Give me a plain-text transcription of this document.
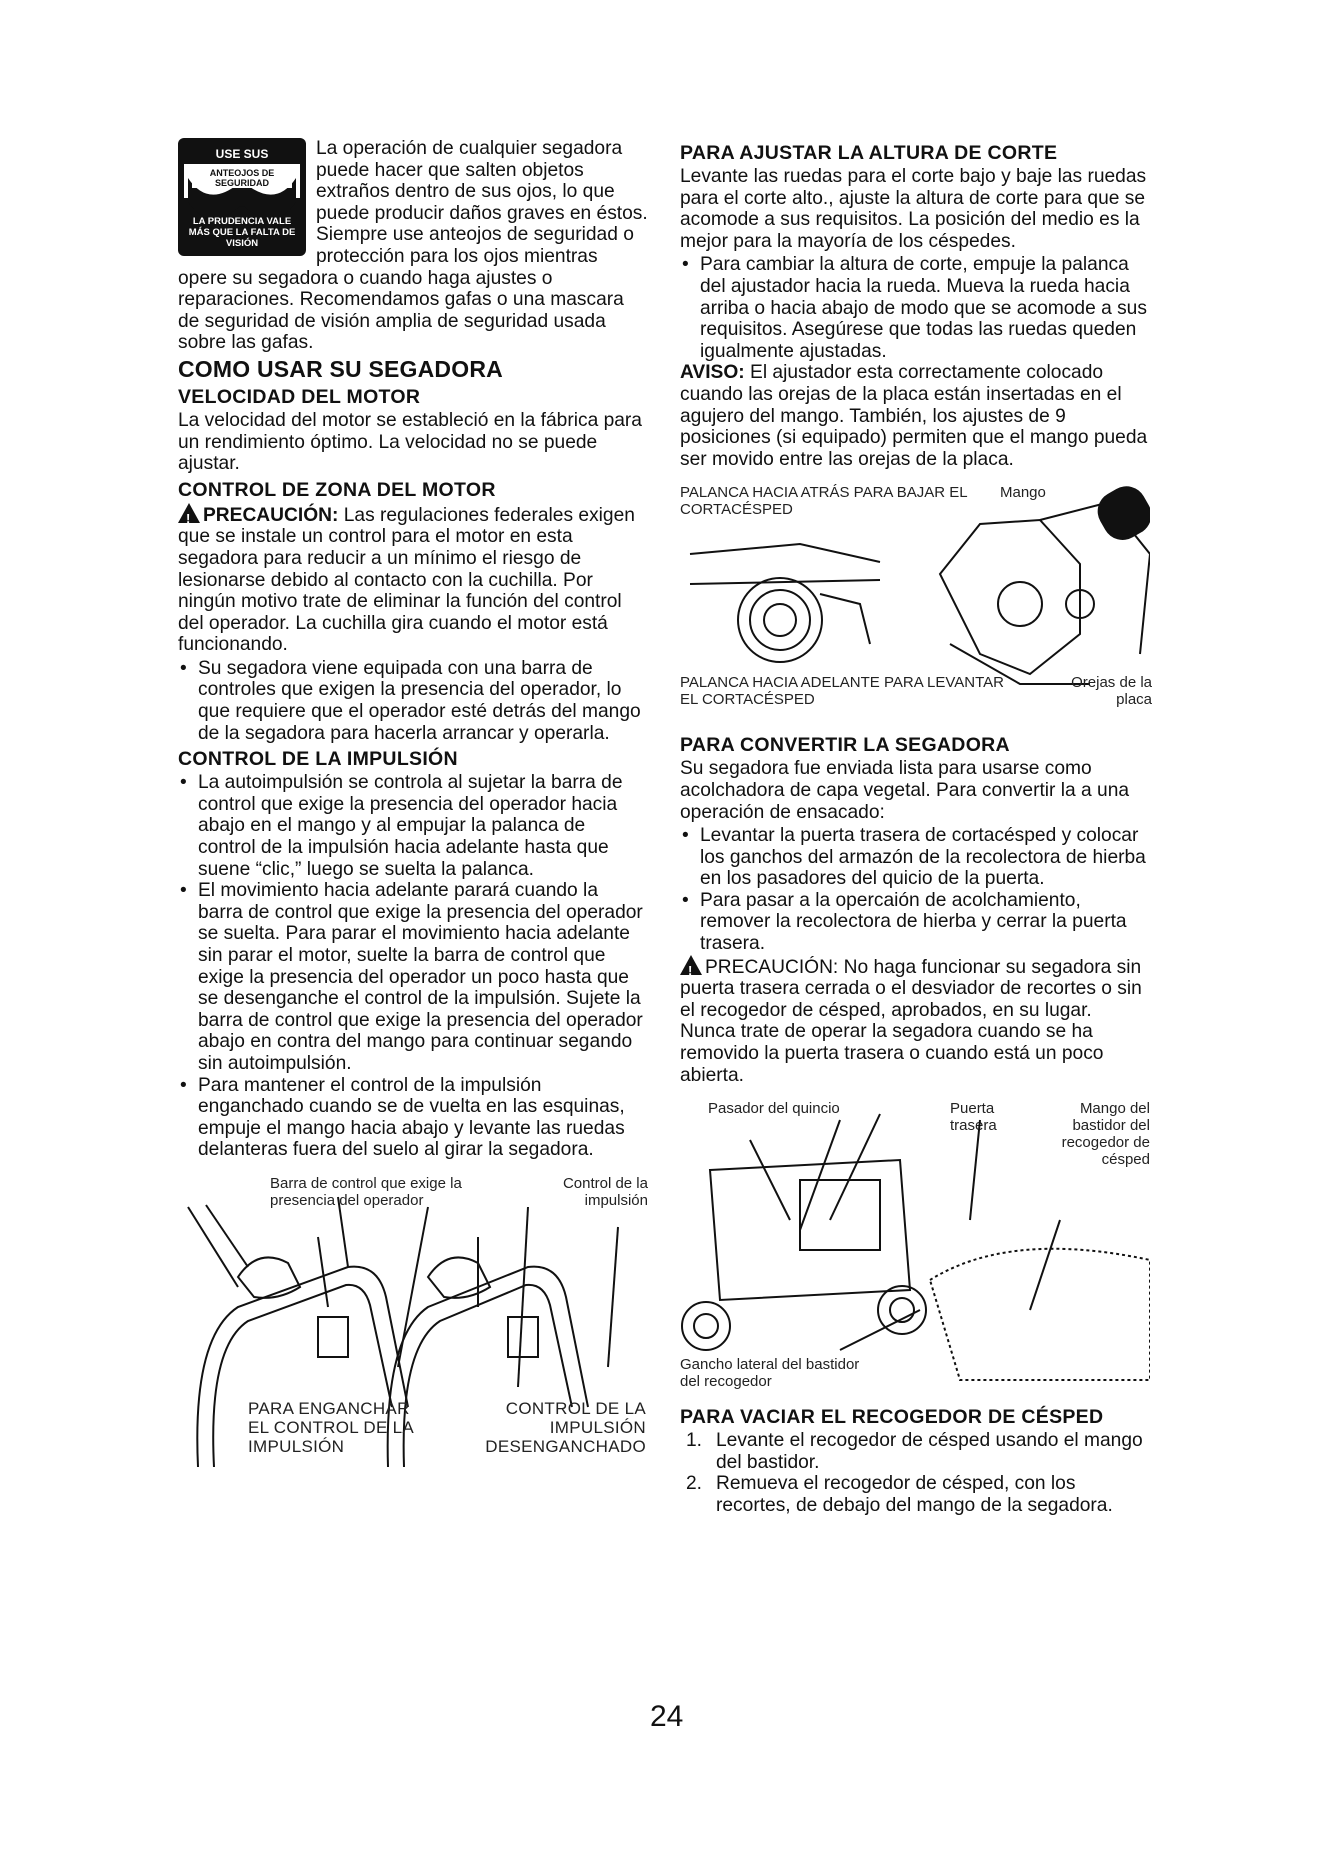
USE SUS
ANTEOJOS DE SEGURIDAD
LA PRUDENCIA VALE MÁS QUE LA FALTA DE VISIÓN

La operación de cualquier segadora puede hacer que salten objetos extraños dentro de sus ojos, lo que puede producir daños graves en éstos. Siempre use anteojos de seguridad o protección para los ojos mientras opere su segadora o cuando haga ajustes o reparaciones. Recomendamos gafas o una mascara de seguridad de visión amplia de seguridad usada sobre las gafas.

COMO USAR SU SEGADORA
VELOCIDAD DEL MOTOR

La velocidad del motor se estableció en la fábrica para un rendimiento óptimo. La velocidad no se puede ajustar.

CONTROL DE ZONA DEL MOTOR

!PRECAUCIÓN: Las regulaciones federales exigen que se instale un control para el motor en esta segadora para reducir a un mínimo el riesgo de lesionarse debido al contacto con la cuchilla. Por ningún motivo trate de eliminar la función del control del operador. La cuchilla gira cuando el motor está funcionando.

• Su segadora viene equipada con una barra de controles que exigen la presencia del operador, lo que requiere que el operador esté detrás del mango de la segadora para hacerla arrancar y operarla.
CONTROL DE LA IMPULSIÓN
• La autoimpulsión se controla al sujetar la barra de control que exige la presencia del operador hacia abajo en el mango y al empujar la palanca de control de la impulsión hacia adelante hasta que suene “clic,” luego se suelta la palanca.
• El movimiento hacia adelante parará cuando la barra de control que exige la presencia del operador se suelta. Para parar el movimiento hacia adelante sin parar el motor, suelte la barra de control que exige la presencia del operador un poco hasta que se desenganche el control de la impulsión. Sujete la barra de control que exige la presencia del operador abajo en contra del mango para continuar segando sin autoimpulsión.
• Para mantener el control de la impulsión enganchado cuando se de vuelta en las esquinas, empuje el mango hacia abajo y levante las ruedas delanteras fuera del suelo al girar la segadora.
Barra de control que exige la presencia del operador
Control de la impulsión
PARA ENGANCHAR EL CONTROL DE LA IMPULSIÓN
CONTROL DE LA IMPULSIÓN DESENGANCHADO
PARA AJUSTAR LA ALTURA DE CORTE

Levante las ruedas para el corte bajo y baje las ruedas para el corte alto., ajuste la altura de corte para que se acomode a sus requisitos. La posición del medio es la mejor para la mayoría de los céspedes.

• Para cambiar la altura de corte, empuje la palanca del ajustador hacia la rueda. Mueva la rueda hacia arriba o hacia abajo de modo que se acomode a sus requisitos. Asegúrese que todas las ruedas queden igualmente ajustadas.

AVISO: El ajustador esta correctamente colocado cuando las orejas de la placa están insertadas en el agujero del mango. También, los ajustes de 9 posiciones (si equipado) permiten que el mango pueda ser movido entre las orejas de la placa.

PALANCA HACIA ATRÁS PARA BAJAR EL CORTACÉSPED
Mango
PALANCA HACIA ADELANTE PARA LEVANTAR EL CORTACÉSPED
Orejas de la placa
PARA CONVERTIR LA SEGADORA

Su segadora fue enviada lista para usarse como acolchadora de capa vegetal. Para convertir la a una operación de ensacado:

• Levantar la puerta trasera de cortacésped y colocar los ganchos del armazón de la recolectora de hierba en los pasadores del quicio de la puerta.
• Para pasar a la opercaión de acolchamiento, remover la recolectora de hierba y cerrar la puerta trasera.

!PRECAUCIÓN: No haga funcionar su segadora sin puerta trasera cerrada o el desviador de recortes o sin el recogedor de césped, aprobados, en su lugar. Nunca trate de operar la segadora cuando se ha removido la puerta trasera o cuando está un poco abierta.

Pasador del quincio	Puerta trasera
Mango del bastidor del recogedor de césped
Gancho lateral del bastidor del recogedor
PARA VACIAR EL RECOGEDOR DE CÉSPED
1. Levante el recogedor de césped usando el mango del bastidor.
2. Remueva el recogedor de césped, con los recortes, de debajo del mango de la segadora.
24
